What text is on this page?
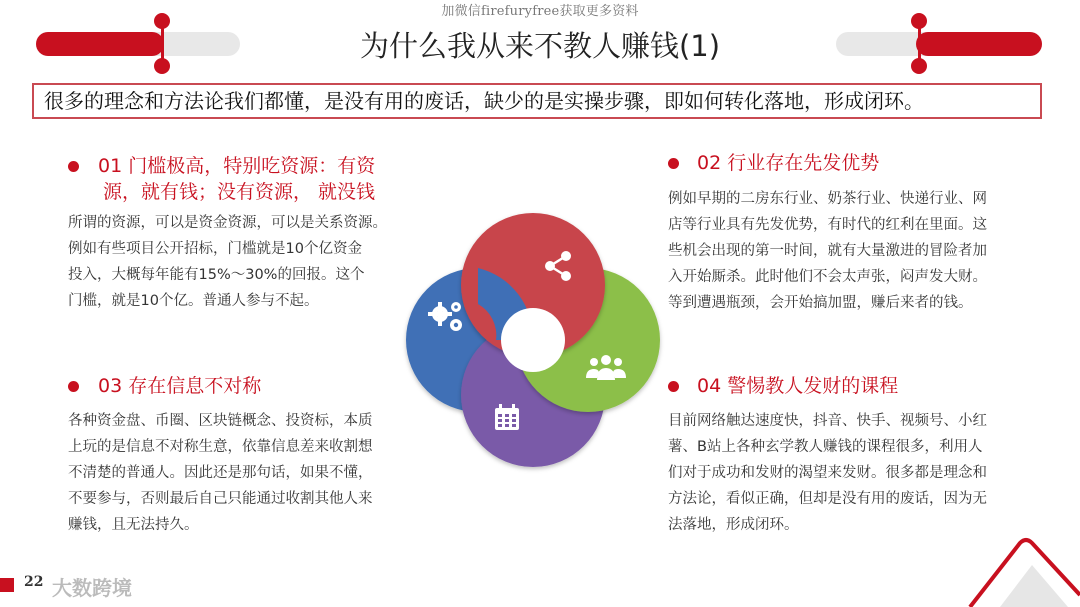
加微信firefuryfree获取更多资料
为什么我从来不教人赚钱(1)
很多的理念和方法论我们都懂，是没有用的废话，缺少的是实操步骤，即如何转化落地，形成闭环。
01 门槛极高，特别吃资源：有资
源，就有钱；没有资源， 就没钱
所谓的资源，可以是资金资源，可以是关系资源。
例如有些项目公开招标，门槛就是10个亿资金
投入，大概每年能有15%～30%的回报。这个
门槛，就是10个亿。普通人参与不起。
02 行业存在先发优势
例如早期的二房东行业、奶茶行业、快递行业、网
店等行业具有先发优势，有时代的红利在里面。这
些机会出现的第一时间，就有大量激进的冒险者加
入开始厮杀。此时他们不会太声张，闷声发大财。
等到遭遇瓶颈，会开始搞加盟，赚后来者的钱。
03 存在信息不对称
各种资金盘、币圈、区块链概念、投资标，本质
上玩的是信息不对称生意，依靠信息差来收割想
不清楚的普通人。因此还是那句话，如果不懂，
不要参与，否则最后自己只能通过收割其他人来
赚钱，且无法持久。
04 警惕教人发财的课程
目前网络触达速度快，抖音、快手、视频号、小红
薯、B站上各种玄学教人赚钱的课程很多，利用人
们对于成功和发财的渴望来发财。很多都是理念和
方法论，看似正确，但却是没有用的废话，因为无
法落地，形成闭环。
22 大数跨境
